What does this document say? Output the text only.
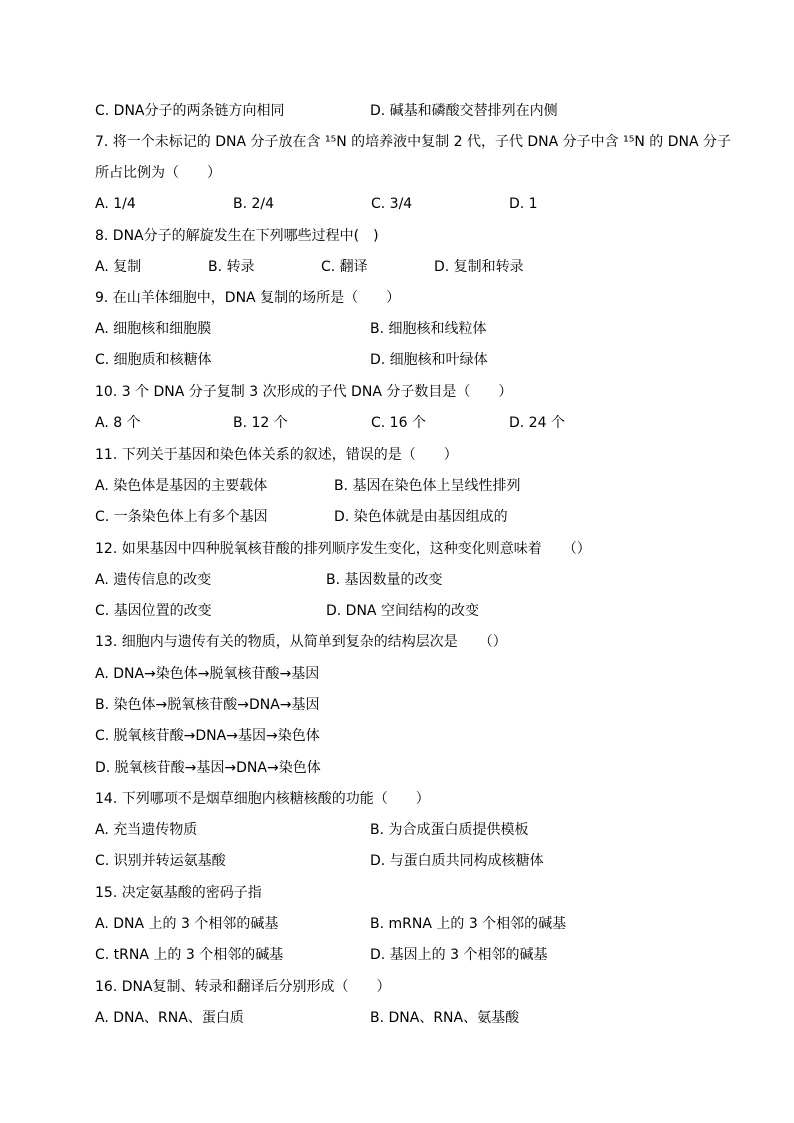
C. DNA分子的两条链方向相同	D. 碱基和磷酸交替排列在内侧
7. 将一个未标记的 DNA 分子放在含 ¹⁵N 的培养液中复制 2 代，子代 DNA 分子中含 ¹⁵N 的 DNA 分子
所占比例为（　　）
A. 1/4	B. 2/4	C. 3/4	D. 1
8. DNA分子的解旋发生在下列哪些过程中(　)
A. 复制	B. 转录	C. 翻译	D. 复制和转录
9. 在山羊体细胞中，DNA 复制的场所是（　　）
A. 细胞核和细胞膜	B. 细胞核和线粒体
C. 细胞质和核糖体	D. 细胞核和叶绿体
10. 3 个 DNA 分子复制 3 次形成的子代 DNA 分子数目是（　　）
A. 8 个	B. 12 个	C. 16 个	D. 24 个
11. 下列关于基因和染色体关系的叙述，错误的是（　　）
A. 染色体是基因的主要载体	B. 基因在染色体上呈线性排列
C. 一条染色体上有多个基因	D. 染色体就是由基因组成的
12. 如果基因中四种脱氧核苷酸的排列顺序发生变化，这种变化则意味着　　（）
A. 遗传信息的改变	B. 基因数量的改变
C. 基因位置的改变	D. DNA 空间结构的改变
13. 细胞内与遗传有关的物质，从简单到复杂的结构层次是　　（）
A. DNA→染色体→脱氧核苷酸→基因
B. 染色体→脱氧核苷酸→DNA→基因
C. 脱氧核苷酸→DNA→基因→染色体
D. 脱氧核苷酸→基因→DNA→染色体
14. 下列哪项不是烟草细胞内核糖核酸的功能（　　）
A. 充当遗传物质	B. 为合成蛋白质提供模板
C. 识别并转运氨基酸	D. 与蛋白质共同构成核糖体
15. 决定氨基酸的密码子指
A. DNA 上的 3 个相邻的碱基	B. mRNA 上的 3 个相邻的碱基
C. tRNA 上的 3 个相邻的碱基	D. 基因上的 3 个相邻的碱基
16. DNA复制、转录和翻译后分别形成（　　）
A. DNA、RNA、蛋白质	B. DNA、RNA、氨基酸
